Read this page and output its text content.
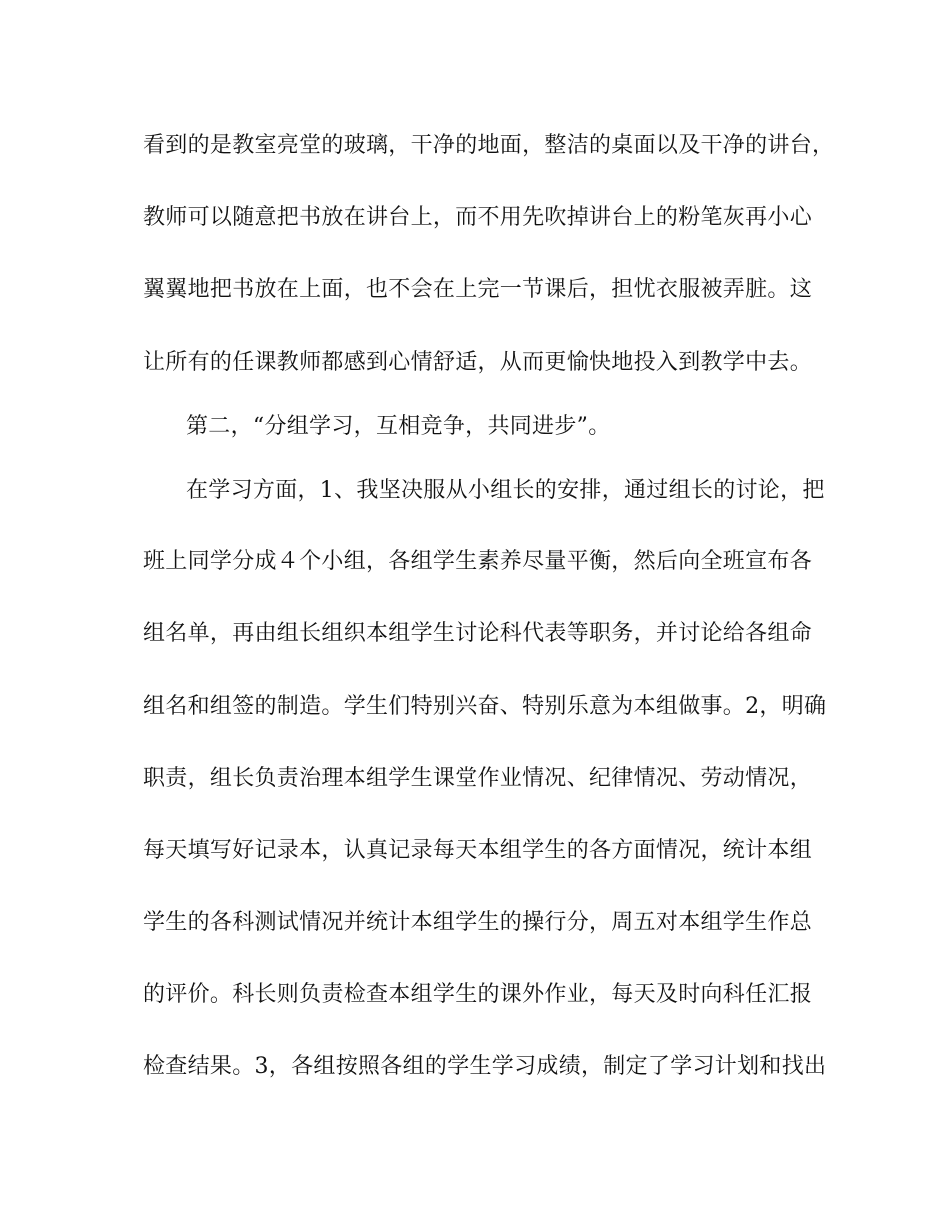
看到的是教室亮堂的玻璃，干净的地面，整洁的桌面以及干净的讲台，
教师可以随意把书放在讲台上，而不用先吹掉讲台上的粉笔灰再小心
翼翼地把书放在上面，也不会在上完一节课后，担忧衣服被弄脏。这
让所有的任课教师都感到心情舒适，从而更愉快地投入到教学中去。
第二，“分组学习，互相竞争，共同进步”。
在学习方面，1、我坚决服从小组长的安排，通过组长的讨论，把
班上同学分成４个小组，各组学生素养尽量平衡，然后向全班宣布各
组名单，再由组长组织本组学生讨论科代表等职务，并讨论给各组命
组名和组签的制造。学生们特别兴奋、特别乐意为本组做事。2，明确
职责，组长负责治理本组学生课堂作业情况、纪律情况、劳动情况，
每天填写好记录本，认真记录每天本组学生的各方面情况，统计本组
学生的各科测试情况并统计本组学生的操行分，周五对本组学生作总
的评价。科长则负责检查本组学生的课外作业，每天及时向科任汇报
检查结果。3，各组按照各组的学生学习成绩，制定了学习计划和找出
